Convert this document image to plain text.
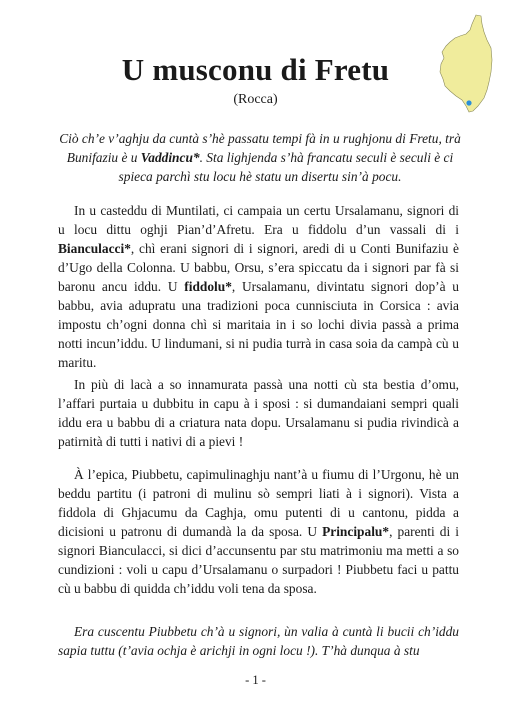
U musconu di Fretu
(Rocca)

Ciò ch’e v’aghju da cuntà s’hè passatu tempi fà in u rughjonu di Fretu, trà Bunifaziu è u Vaddincu*. Sta lighjenda s’hà francatu seculi è seculi è ci spieca parchì stu locu hè statu un disertu sin’à pocu.

In u casteddu di Muntilati, ci campaia un certu Ursalamanu, signori di u locu dittu oghji Pian’d’Afretu. Era u fiddolu d’un vassali di i Bianculacci*, chì erani signori di i signori, aredi di u Conti Bunifaziu è d’Ugo della Colonna. U babbu, Orsu, s’era spiccatu da i signori par fà si baronu ancu iddu. U fiddolu*, Ursalamanu, divintatu signori dop’à u babbu, avia adupratu una tradizioni poca cunnisciuta in Corsica : avia impostu ch’ogni donna chì si maritaia in i so lochi divia passà a prima notti incun’iddu. U lindumani, si ni pudia turrà in casa soia da campà cù u maritu.

In più di lacà a so innamurata passà una notti cù sta bestia d’omu, l’affari purtaia u dubbitu in capu à i sposi : si dumandaiani sempri quali iddu era u babbu di a criatura nata dopu. Ursalamanu si pudia rivindicà a patirnità di tutti i nativi di a pievi !

À l’epica, Piubbetu, capimulinaghju nant’à u fiumu di l’Urgonu, hè un beddu partitu (i patroni di mulinu sò sempri liati à i signori). Vista a fiddola di Ghjacumu da Caghja, omu putenti di u cantonu, pidda a dicisioni u patronu di dumandà la da sposa. U Principalu*, parenti di i signori Bianculacci, si dici d’accunsentu par stu matrimoniu ma metti a so cundizioni : voli u capu d’Ursalamanu o surpadori ! Piubbetu faci u pattu cù u babbu di quidda ch’iddu voli tena da sposa.

Era cuscentu Piubbetu ch’à u signori, ùn valia à cuntà li bucii ch’iddu sapia tuttu (t’avia ochja è arichji in ogni locu !). T’hà dunqua à stu

- 1 -
